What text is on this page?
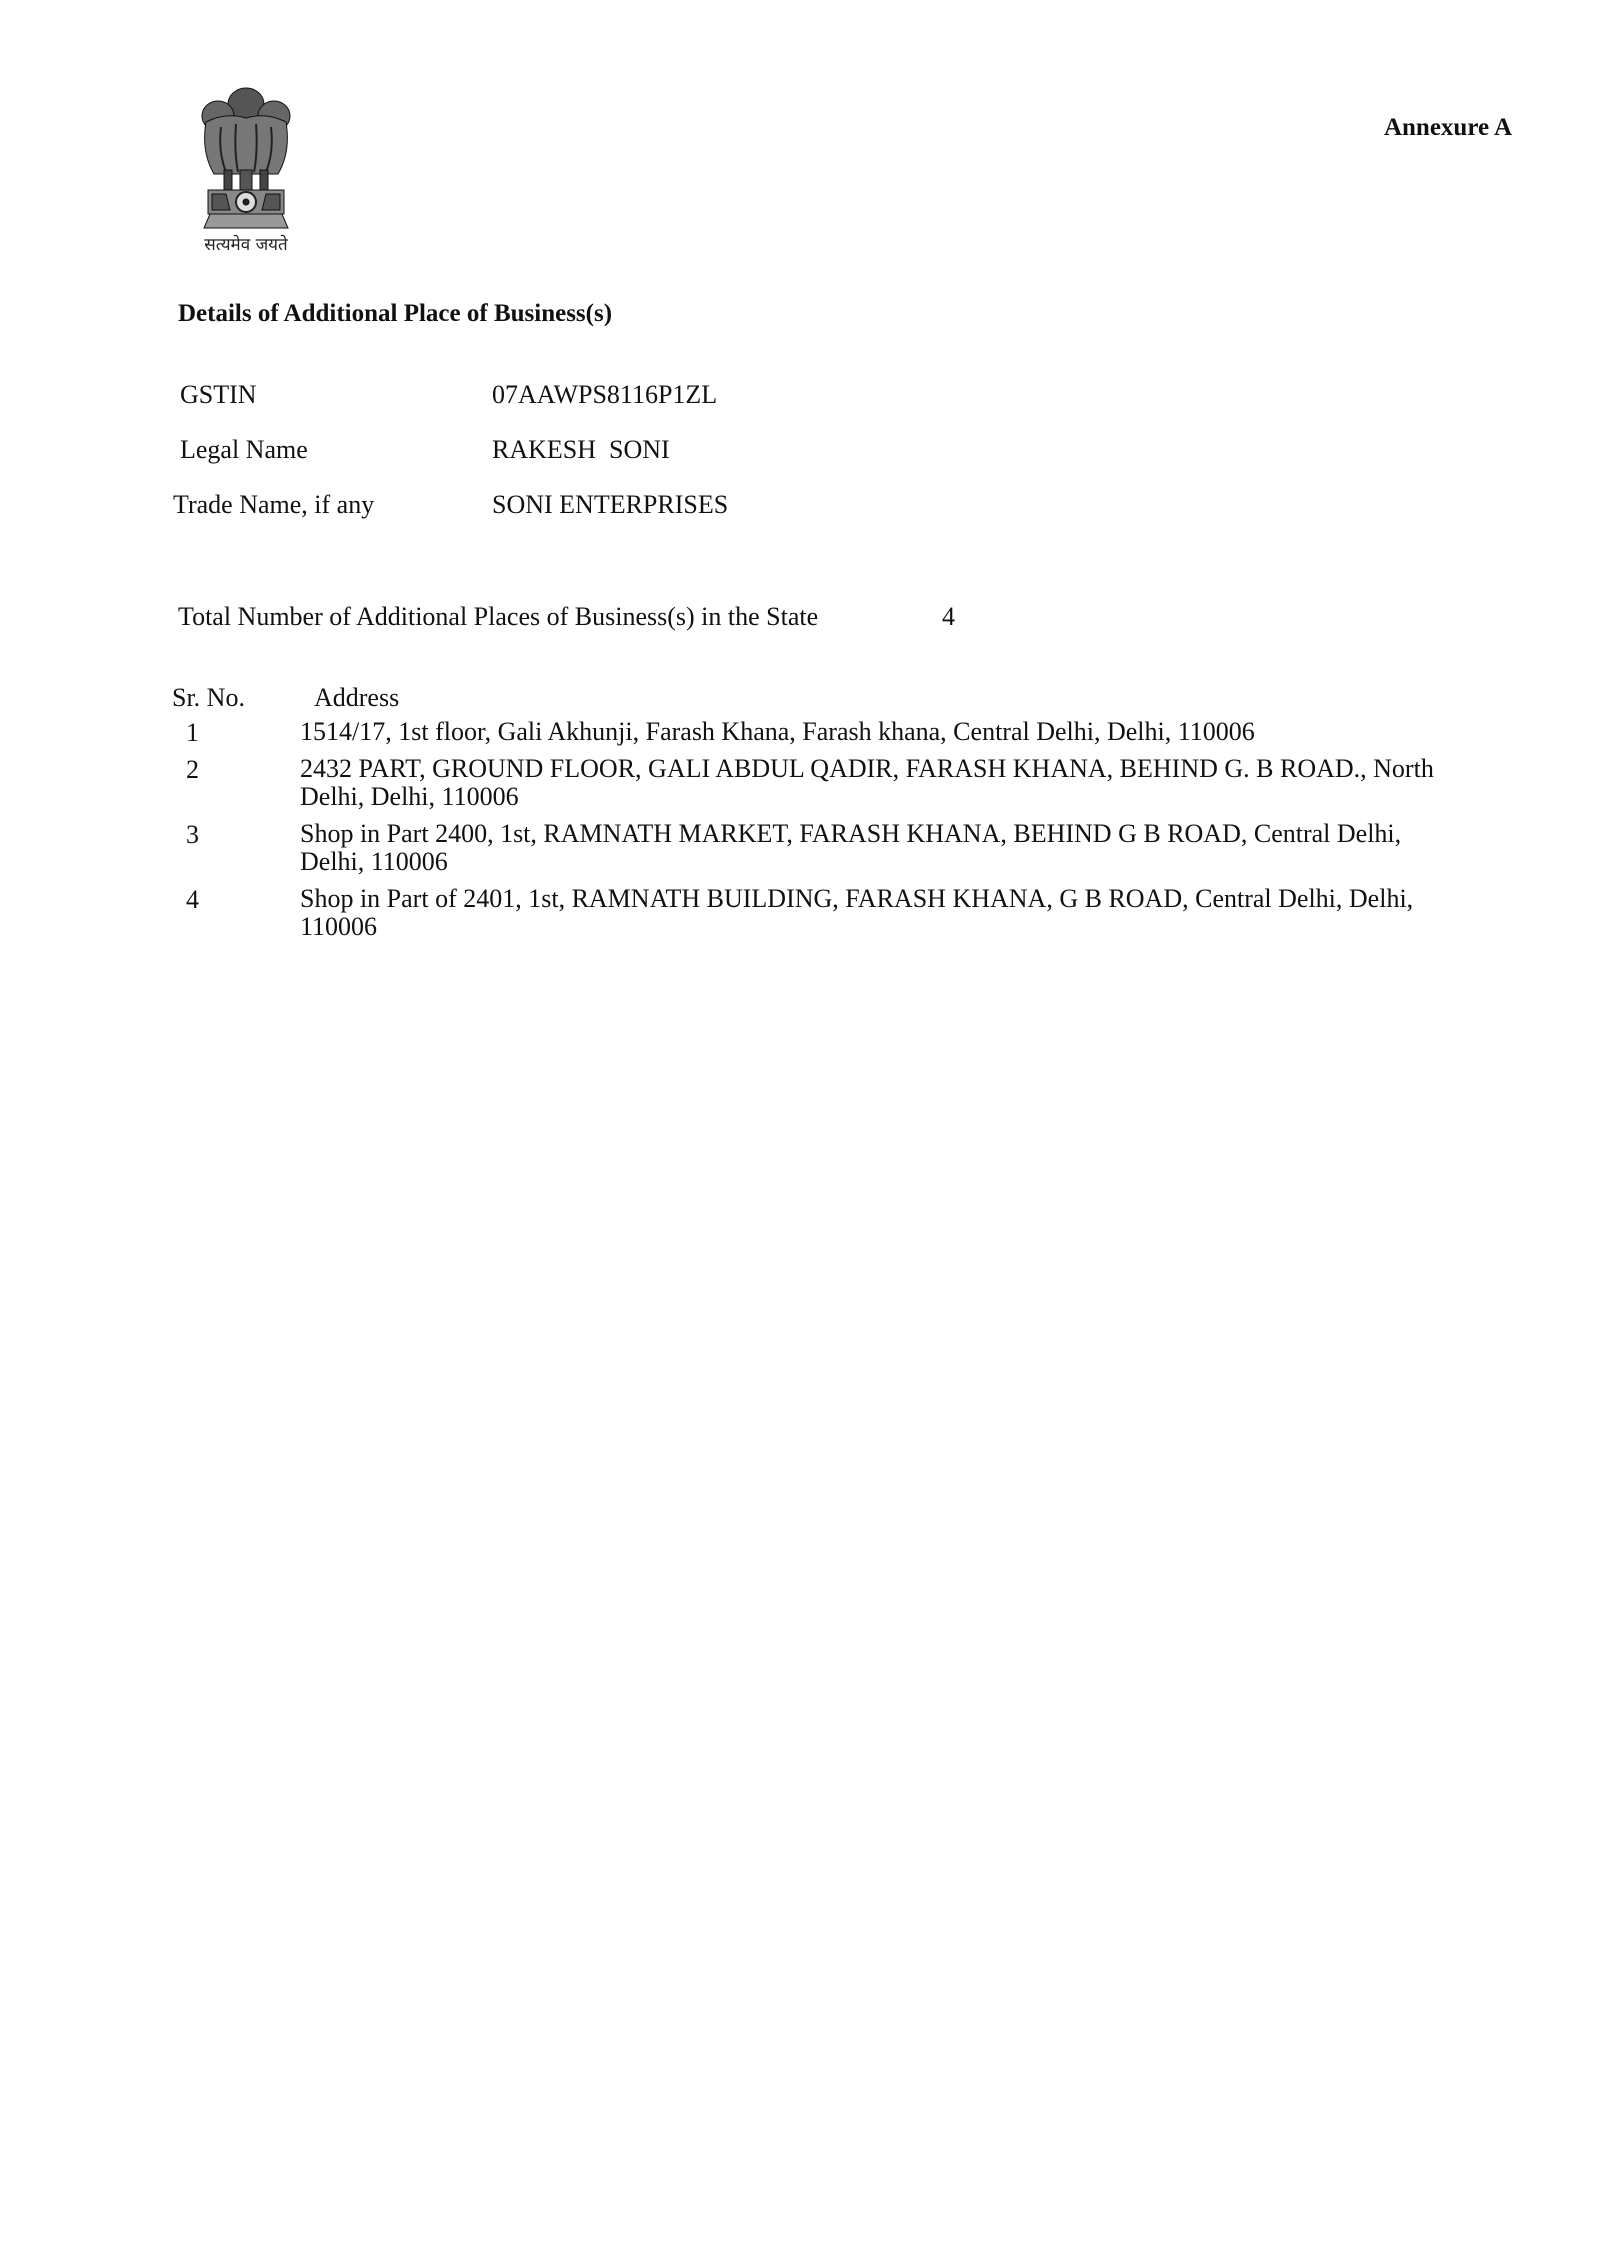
सत्यमेव जयते
Annexure A
Details of Additional Place of Business(s)
GSTIN	07AAWPS8116P1ZL
Legal Name	RAKESH  SONI
Trade Name, if any	SONI ENTERPRISES
Total Number of Additional Places of Business(s) in the State	4
Sr. No.	Address
1	1514/17, 1st floor, Gali Akhunji, Farash Khana, Farash khana, Central Delhi, Delhi, 110006
2	2432 PART, GROUND FLOOR, GALI ABDUL QADIR, FARASH KHANA, BEHIND G. B ROAD., North Delhi, Delhi, 110006
3	Shop in Part 2400, 1st, RAMNATH MARKET, FARASH KHANA, BEHIND G B ROAD, Central Delhi, Delhi, 110006
4	Shop in Part of 2401, 1st, RAMNATH BUILDING, FARASH KHANA, G B ROAD, Central Delhi, Delhi, 110006
